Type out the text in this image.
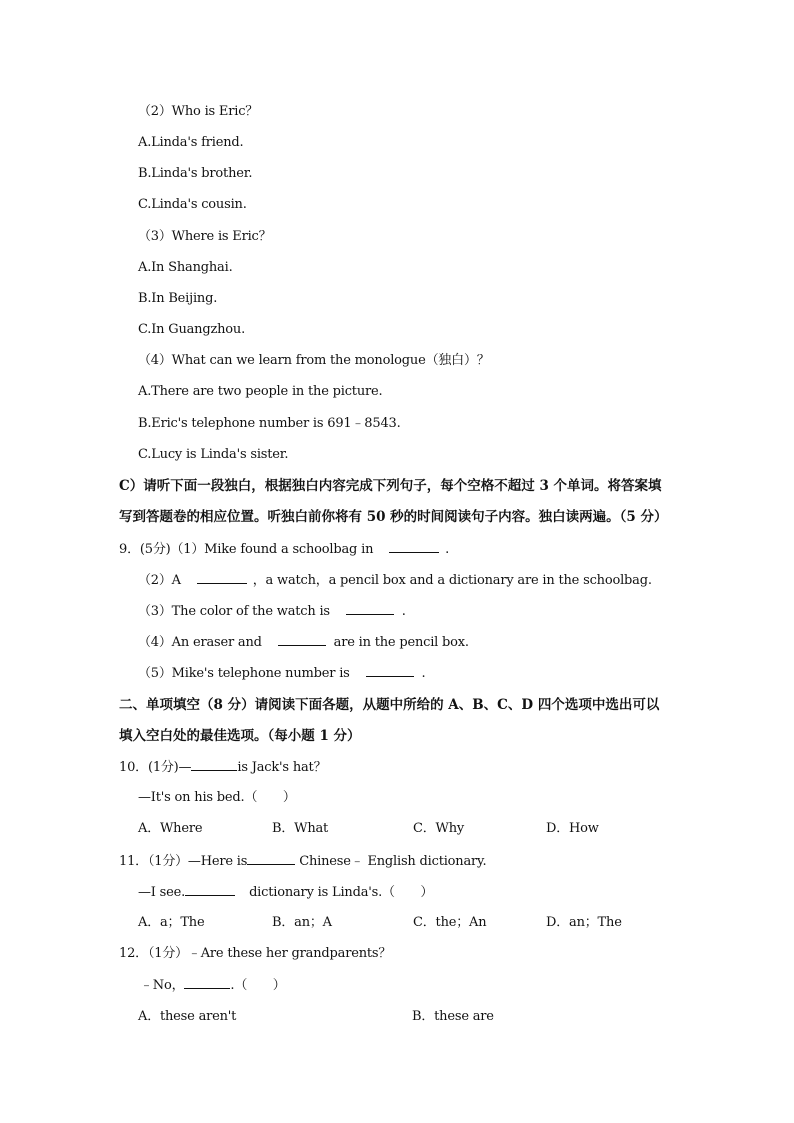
（2）Who is Eric？
A.Linda's friend.
B.Linda's brother.
C.Linda's cousin.
（3）Where is Eric？
A.In Shanghai.
B.In Beijing.
C.In Guangzhou.
（4）What can we learn from the monologue（独白）？
A.There are two people in the picture.
B.Eric's telephone number is 691﹣8543.
C.Lucy is Linda's sister.
C）请听下面一段独白，根据独白内容完成下列句子，每个空格不超过 3 个单词。将答案填
写到答题卷的相应位置。听独白前你将有 50 秒的时间阅读句子内容。独白读两遍。（5 分）
9．(5分)（1）Mike found a schoolbag in	.
（2）A	，a watch，a pencil box and a dictionary are in the schoolbag.
（3）The color of the watch is	.
（4）An eraser and	are in the pencil box.
（5）Mike's telephone number is	.
二、单项填空（8 分）请阅读下面各题，从题中所给的 A、B、C、D 四个选项中选出可以
填入空白处的最佳选项。（每小题 1 分）
10．(1分)—	is Jack's hat？
—It's on his bed.（　　）
A．Where	B．What	C．Why	D．How
11．（1分）—Here is	Chinese﹣ English dictionary.
—I see.	dictionary is Linda's.（　　）
A．a；The	B．an；A	C．the；An	D．an；The
12．（1分）﹣Are these her grandparents？
﹣No，	.（　　）
A．these aren't	B．these are
